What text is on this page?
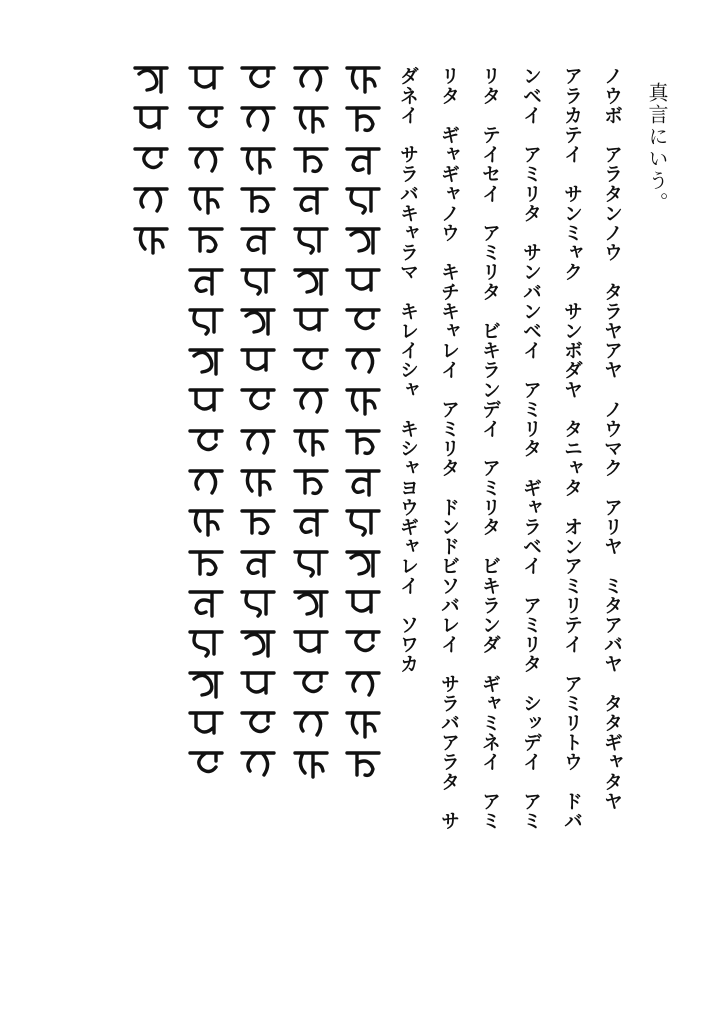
真言にいう。
ノウボ　アラタンノウ　タラヤアヤ　ノウマク　アリヤ　ミタアバヤ　タタギャタヤ
アラカテイ　サンミャク　サンボダヤ　タニャタ　オンアミリテイ　アミリトウ　ドバ
ンベイ　アミリタ　サンバンベイ　アミリタ　ギャラベイ　アミリタ　シッデイ　アミ
リタ　テイセイ　アミリタ　ビキランデイ　アミリタ　ビキランダ　ギャミネイ　アミ
リタ　ギャギャノウ　キチキャレイ　アミリタ　ドンドビソバレイ　サラバアラタ　サ
ダネイ　サラバキャラマ　キレイシャ　キシャヨウギャレイ　ソワカ
